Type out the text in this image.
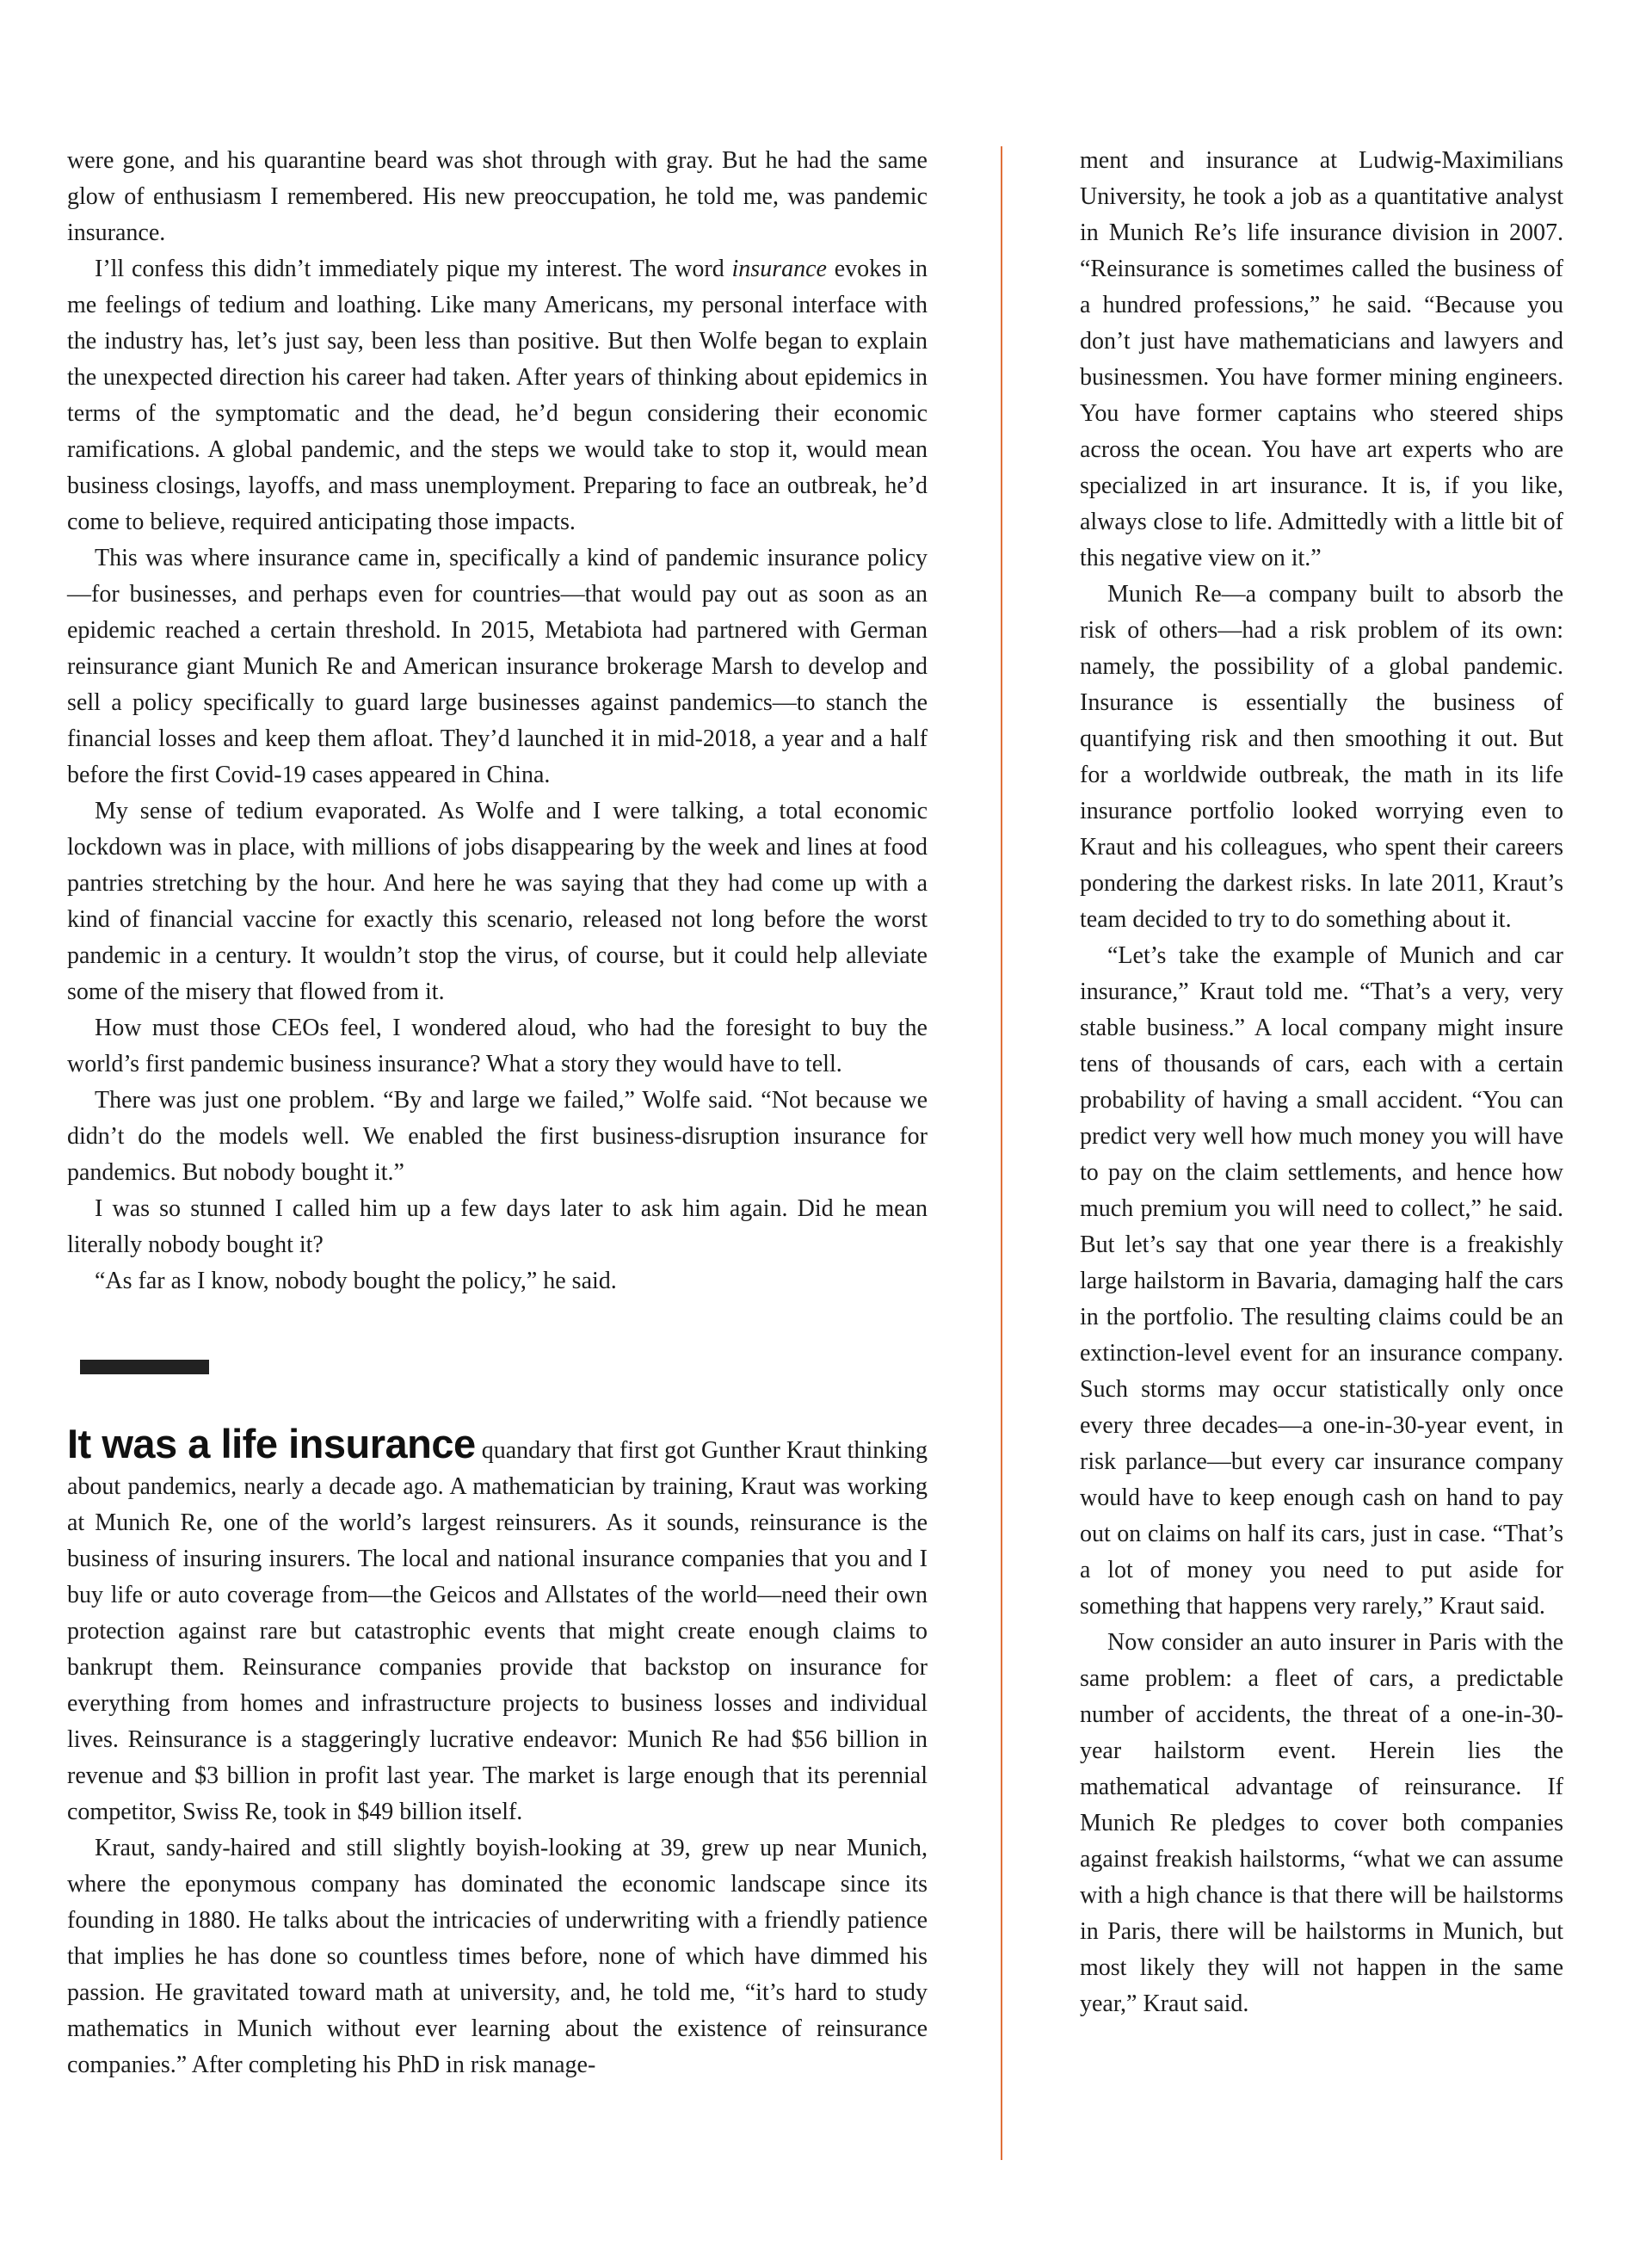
were gone, and his quarantine beard was shot through with gray. But he had the same glow of enthusiasm I remembered. His new preoccupation, he told me, was pandemic insurance.

I’ll confess this didn’t immediately pique my interest. The word insurance evokes in me feelings of tedium and loathing. Like many Americans, my personal interface with the industry has, let’s just say, been less than positive. But then Wolfe began to explain the unexpected direction his career had taken. After years of thinking about epidemics in terms of the symptomatic and the dead, he’d begun considering their economic ramifications. A global pandemic, and the steps we would take to stop it, would mean business closings, layoffs, and mass unemployment. Preparing to face an outbreak, he’d come to believe, required anticipating those impacts.

This was where insurance came in, specifically a kind of pandemic insurance policy—for businesses, and perhaps even for countries—that would pay out as soon as an epidemic reached a certain threshold. In 2015, Metabiota had partnered with German reinsurance giant Munich Re and American insurance brokerage Marsh to develop and sell a policy specifically to guard large businesses against pandemics—to stanch the financial losses and keep them afloat. They’d launched it in mid-2018, a year and a half before the first Covid-19 cases appeared in China.

My sense of tedium evaporated. As Wolfe and I were talking, a total economic lockdown was in place, with millions of jobs disappearing by the week and lines at food pantries stretching by the hour. And here he was saying that they had come up with a kind of financial vaccine for exactly this scenario, released not long before the worst pandemic in a century. It wouldn’t stop the virus, of course, but it could help alleviate some of the misery that flowed from it.

How must those CEOs feel, I wondered aloud, who had the foresight to buy the world’s first pandemic business insurance? What a story they would have to tell.

There was just one problem. “By and large we failed,” Wolfe said. “Not because we didn’t do the models well. We enabled the first business-disruption insurance for pandemics. But nobody bought it.”

I was so stunned I called him up a few days later to ask him again. Did he mean literally nobody bought it?

“As far as I know, nobody bought the policy,” he said.

It was a life insurance quandary that first got Gunther Kraut thinking about pandemics, nearly a decade ago. A mathematician by training, Kraut was working at Munich Re, one of the world’s largest reinsurers. As it sounds, reinsurance is the business of insuring insurers. The local and national insurance companies that you and I buy life or auto coverage from—the Geicos and Allstates of the world—need their own protection against rare but catastrophic events that might create enough claims to bankrupt them. Reinsurance companies provide that backstop on insurance for everything from homes and infrastructure projects to business losses and individual lives. Reinsurance is a staggeringly lucrative endeavor: Munich Re had $56 billion in revenue and $3 billion in profit last year. The market is large enough that its perennial competitor, Swiss Re, took in $49 billion itself.

Kraut, sandy-haired and still slightly boyish-looking at 39, grew up near Munich, where the eponymous company has dominated the economic landscape since its founding in 1880. He talks about the intricacies of underwriting with a friendly patience that implies he has done so countless times before, none of which have dimmed his passion. He gravitated toward math at university, and, he told me, “it’s hard to study mathematics in Munich without ever learning about the existence of reinsurance companies.” After completing his PhD in risk manage-

ment and insurance at Ludwig-Maximilians University, he took a job as a quantitative analyst in Munich Re’s life insurance division in 2007. “Reinsurance is sometimes called the business of a hundred professions,” he said. “Because you don’t just have mathematicians and lawyers and businessmen. You have former mining engineers. You have former captains who steered ships across the ocean. You have art experts who are specialized in art insurance. It is, if you like, always close to life. Admittedly with a little bit of this negative view on it.”

Munich Re—a company built to absorb the risk of others—had a risk problem of its own: namely, the possibility of a global pandemic. Insurance is essentially the business of quantifying risk and then smoothing it out. But for a worldwide outbreak, the math in its life insurance portfolio looked worrying even to Kraut and his colleagues, who spent their careers pondering the darkest risks. In late 2011, Kraut’s team decided to try to do something about it.

“Let’s take the example of Munich and car insurance,” Kraut told me. “That’s a very, very stable business.” A local company might insure tens of thousands of cars, each with a certain probability of having a small accident. “You can predict very well how much money you will have to pay on the claim settlements, and hence how much premium you will need to collect,” he said. But let’s say that one year there is a freakishly large hailstorm in Bavaria, damaging half the cars in the portfolio. The resulting claims could be an extinction-level event for an insurance company. Such storms may occur statistically only once every three decades—a one-in-30-year event, in risk parlance—but every car insurance company would have to keep enough cash on hand to pay out on claims on half its cars, just in case. “That’s a lot of money you need to put aside for something that happens very rarely,” Kraut said.

Now consider an auto insurer in Paris with the same problem: a fleet of cars, a predictable number of accidents, the threat of a one-in-30-year hailstorm event. Herein lies the mathematical advantage of reinsurance. If Munich Re pledges to cover both companies against freakish hailstorms, “what we can assume with a high chance is that there will be hailstorms in Paris, there will be hailstorms in Munich, but most likely they will not happen in the same year,” Kraut said.
